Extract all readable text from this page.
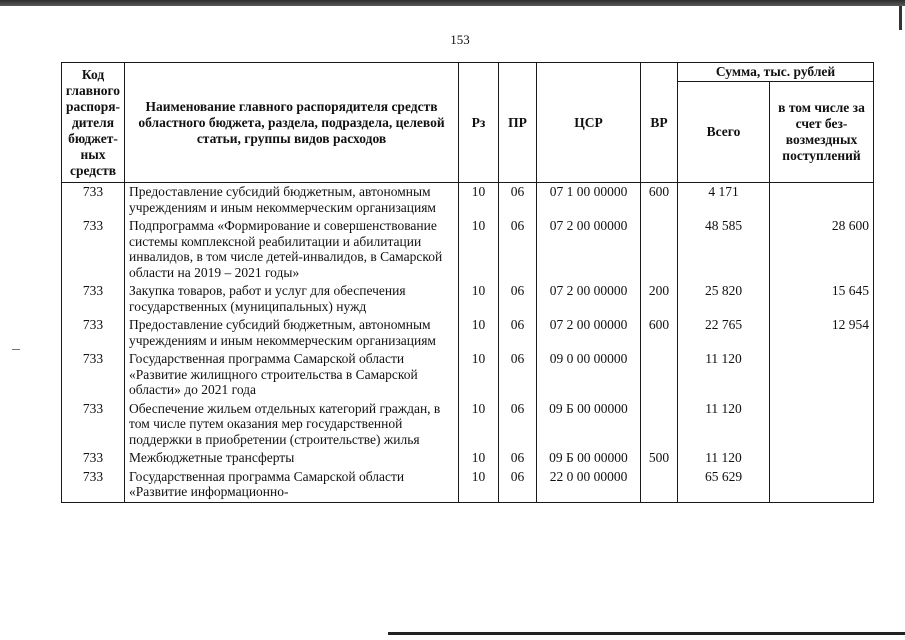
153
Код главного распоря- дителя бюджет- ных средств	Наименование главного распорядителя средств областного бюджета, раздела, подраздела, целевой статьи, группы видов расходов	Рз	ПР	ЦСР	ВР	Сумма, тыс. рублей	
						Всего	в том числе за счет без- возмездных поступлений
733	Предоставление субсидий бюджетным, автономным учреждениям и иным некоммерческим организациям	10	06	07 1 00 00000	600	4 171	
733	Подпрограмма «Формирование и совершенствование системы комплексной реабилитации и абилитации инвалидов, в том числе детей-инвалидов, в Самарской области на 2019 – 2021 годы»	10	06	07 2 00 00000		48 585	28 600
733	Закупка товаров, работ и услуг для обеспечения государственных (муниципальных) нужд	10	06	07 2 00 00000	200	25 820	15 645
733	Предоставление субсидий бюджетным, автономным учреждениям и иным некоммерческим организациям	10	06	07 2 00 00000	600	22 765	12 954
733	Государственная программа Самарской области «Развитие жилищного строительства в Самарской области» до 2021 года	10	06	09 0 00 00000		11 120	
733	Обеспечение жильем отдельных категорий граждан, в том числе путем оказания мер государственной поддержки в приобретении (строительстве) жилья	10	06	09 Б 00 00000		11 120	
733	Межбюджетные трансферты	10	06	09 Б 00 00000	500	11 120	
733	Государственная программа Самарской области «Развитие информационно-	10	06	22 0 00 00000		65 629	
